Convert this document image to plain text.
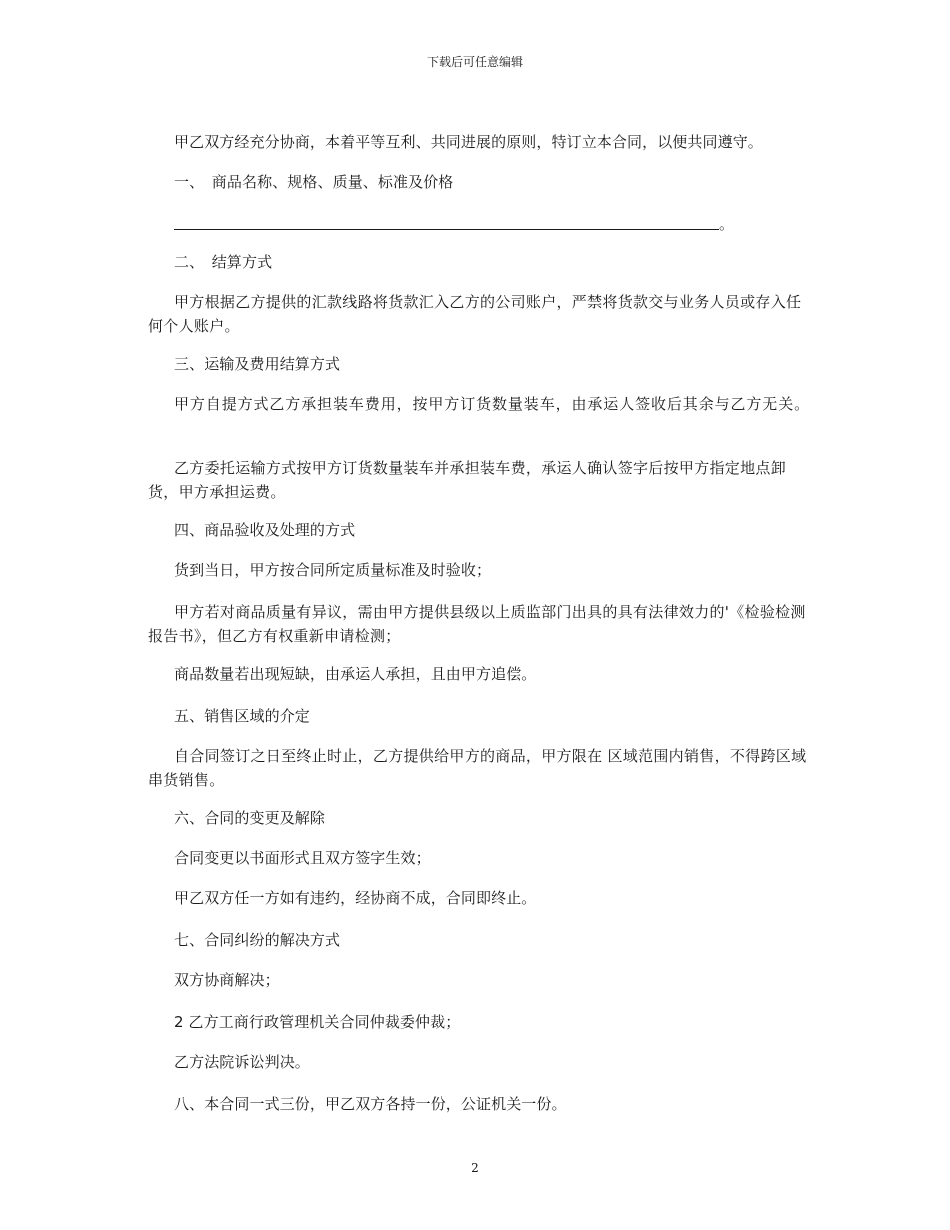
下载后可任意编辑
甲乙双方经充分协商，本着平等互利、共同进展的原则，特订立本合同，以便共同遵守。
一、　商品名称、规格、质量、标准及价格
。
二、　结算方式
甲方根据乙方提供的汇款线路将货款汇入乙方的公司账户，严禁将货款交与业务人员或存入任何个人账户。
三、运输及费用结算方式
甲方自提方式乙方承担装车费用，按甲方订货数量装车，由承运人签收后其余与乙方无关。
乙方委托运输方式按甲方订货数量装车并承担装车费，承运人确认签字后按甲方指定地点卸货，甲方承担运费。
四、商品验收及处理的方式
货到当日，甲方按合同所定质量标准及时验收；
甲方若对商品质量有异议，需由甲方提供县级以上质监部门出具的具有法律效力的'《检验检测报告书》，但乙方有权重新申请检测；
商品数量若出现短缺，由承运人承担，且由甲方追偿。
五、销售区域的介定
自合同签订之日至终止时止，乙方提供给甲方的商品，甲方限在 区域范围内销售，不得跨区域串货销售。
六、合同的变更及解除
合同变更以书面形式且双方签字生效；
甲乙双方任一方如有违约，经协商不成，合同即终止。
七、合同纠纷的解决方式
双方协商解决；
2 乙方工商行政管理机关合同仲裁委仲裁；
乙方法院诉讼判决。
八、本合同一式三份，甲乙双方各持一份，公证机关一份。
2
